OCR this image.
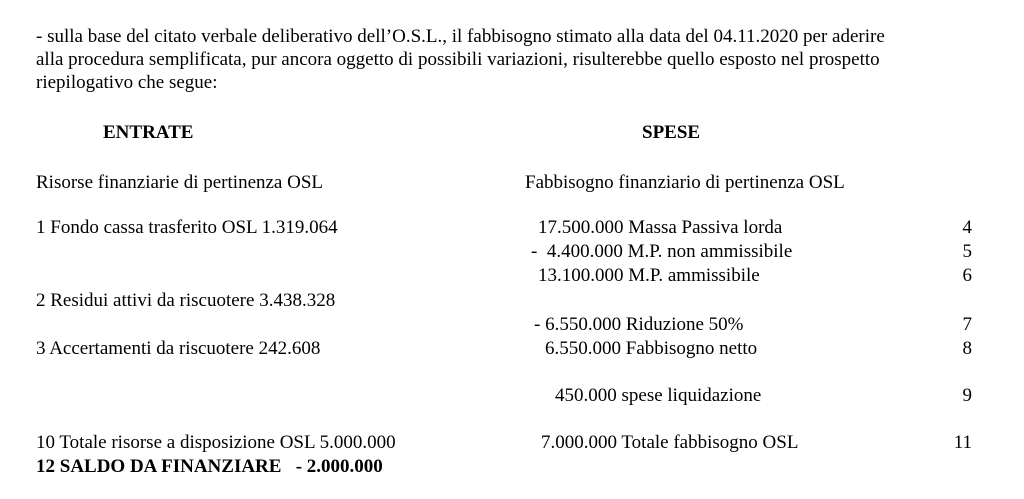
- sulla base del citato verbale deliberativo dell’O.S.L., il fabbisogno stimato alla data del 04.11.2020 per aderire
alla procedura semplificata, pur ancora oggetto di possibili variazioni, risulterebbe quello esposto nel prospetto
riepilogativo che segue:
ENTRATE
Risorse finanziarie di pertinenza OSL
1 Fondo cassa trasferito OSL 1.319.064
2 Residui attivi da riscuotere 3.438.328
3 Accertamenti da riscuotere 242.608
10 Totale risorse a disposizione OSL 5.000.000
12 SALDO DA FINANZIARE   - 2.000.000
SPESE
Fabbisogno finanziario di pertinenza OSL
17.500.000 Massa Passiva lorda	4
-  4.400.000 M.P. non ammissibile	5
13.100.000 M.P. ammissibile	6
- 6.550.000 Riduzione 50%	7
6.550.000 Fabbisogno netto	8
450.000 spese liquidazione	9
7.000.000 Totale fabbisogno OSL	11
